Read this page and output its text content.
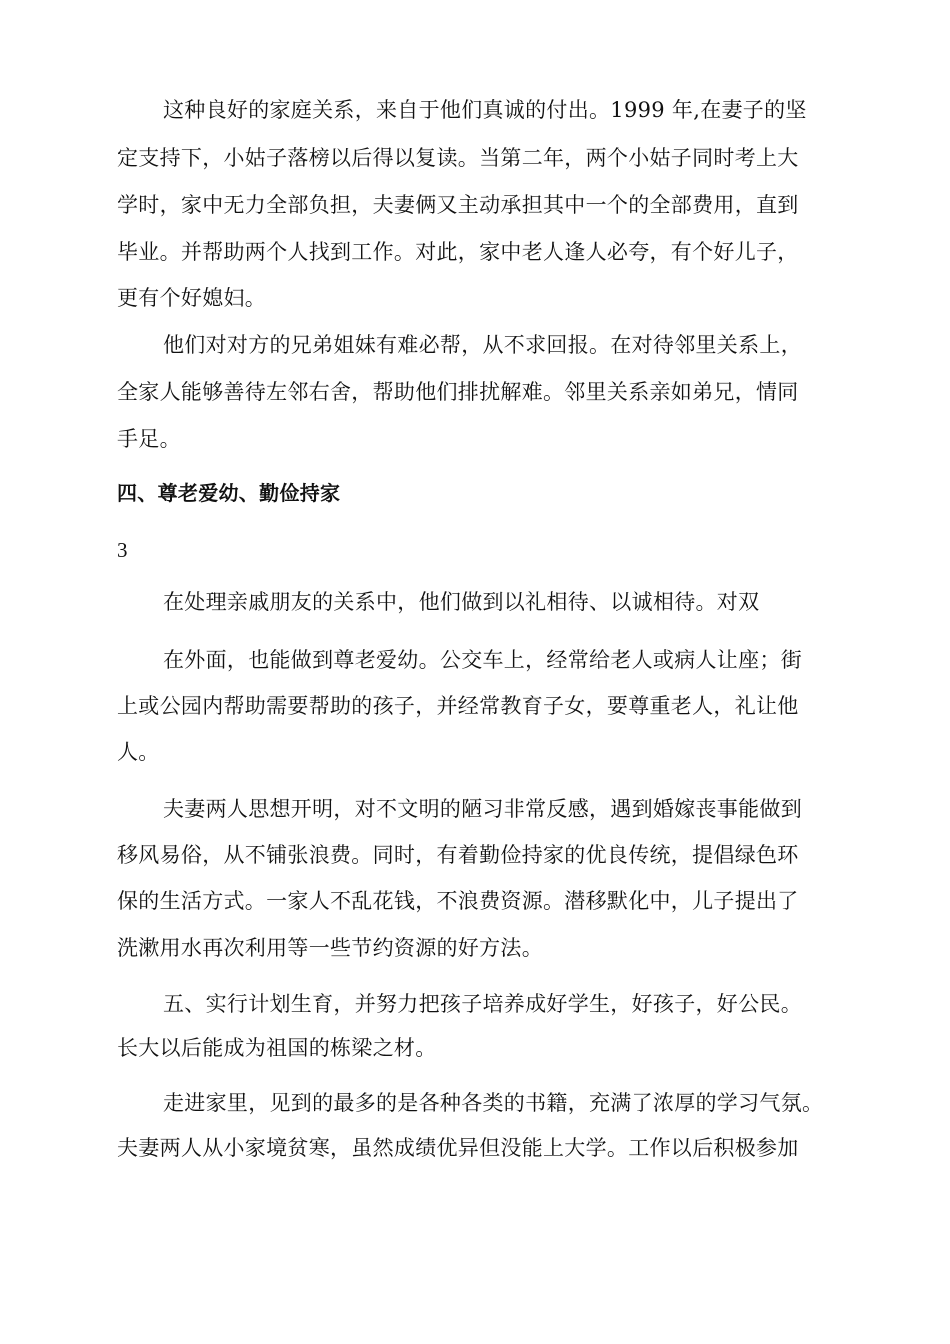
这种良好的家庭关系，来自于他们真诚的付出。1999 年,在妻子的坚
定支持下，小姑子落榜以后得以复读。当第二年，两个小姑子同时考上大
学时，家中无力全部负担，夫妻俩又主动承担其中一个的全部费用，直到
毕业。并帮助两个人找到工作。对此，家中老人逢人必夸，有个好儿子，
更有个好媳妇。
他们对对方的兄弟姐妹有难必帮，从不求回报。在对待邻里关系上，
全家人能够善待左邻右舍，帮助他们排扰解难。邻里关系亲如弟兄，情同
手足。
四、尊老爱幼、勤俭持家
3
在处理亲戚朋友的关系中，他们做到以礼相待、以诚相待。对双
在外面，也能做到尊老爱幼。公交车上，经常给老人或病人让座；街
上或公园内帮助需要帮助的孩子，并经常教育子女，要尊重老人，礼让他
人。
夫妻两人思想开明，对不文明的陋习非常反感，遇到婚嫁丧事能做到
移风易俗，从不铺张浪费。同时，有着勤俭持家的优良传统，提倡绿色环
保的生活方式。一家人不乱花钱，不浪费资源。潜移默化中，儿子提出了
洗漱用水再次利用等一些节约资源的好方法。
五、实行计划生育，并努力把孩子培养成好学生，好孩子，好公民。
长大以后能成为祖国的栋梁之材。
走进家里，见到的最多的是各种各类的书籍，充满了浓厚的学习气氛。
夫妻两人从小家境贫寒，虽然成绩优异但没能上大学。工作以后积极参加
